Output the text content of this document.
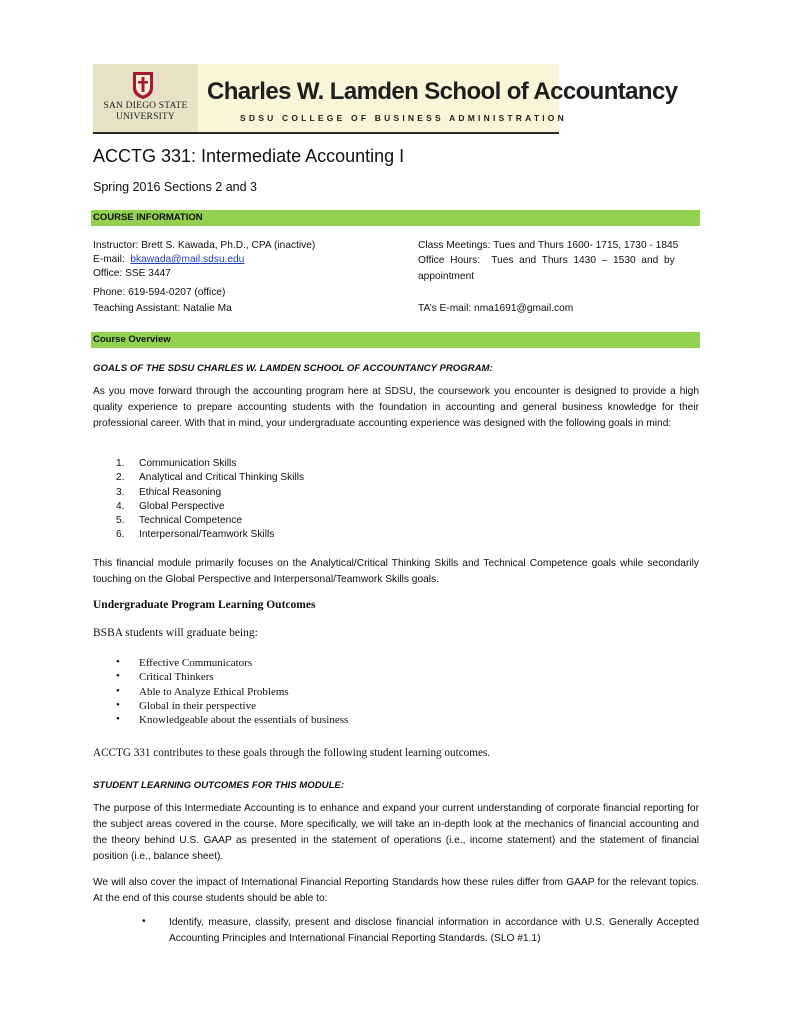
SAN DIEGO STATE UNIVERSITY
Charles W. Lamden School of Accountancy
SDSU COLLEGE OF BUSINESS ADMINISTRATION
ACCTG 331: Intermediate Accounting I
Spring 2016 Sections 2 and 3
COURSE INFORMATION
Instructor: Brett S. Kawada, Ph.D., CPA (inactive)
E-mail: bkawada@mail.sdsu.edu
Office: SSE 3447
Phone: 619-594-0207 (office)
Teaching Assistant: Natalie Ma
Class Meetings: Tues and Thurs 1600- 1715, 1730 - 1845
Office  Hours:    Tues  and  Thurs  1430  –  1530  and  by
appointment
TA’s E-mail: nma1691@gmail.com
Course Overview
GOALS OF THE SDSU CHARLES W. LAMDEN SCHOOL OF ACCOUNTANCY PROGRAM:
As you move forward through the accounting program here at SDSU, the coursework you encounter is designed to provide a high quality experience to prepare accounting students with the foundation in accounting and general business knowledge for their professional career. With that in mind, your undergraduate accounting experience was designed with the following goals in mind:
1. Communication Skills
2. Analytical and Critical Thinking Skills
3. Ethical Reasoning
4. Global Perspective
5. Technical Competence
6. Interpersonal/Teamwork Skills
This financial module primarily focuses on the Analytical/Critical Thinking Skills and Technical Competence goals while secondarily touching on the Global Perspective and Interpersonal/Teamwork Skills goals.
Undergraduate Program Learning Outcomes
BSBA students will graduate being:
• Effective Communicators
• Critical Thinkers
• Able to Analyze Ethical Problems
• Global in their perspective
• Knowledgeable about the essentials of business
ACCTG 331 contributes to these goals through the following student learning outcomes.
STUDENT LEARNING OUTCOMES FOR THIS MODULE:
The purpose of this Intermediate Accounting is to enhance and expand your current understanding of corporate financial reporting for the subject areas covered in the course. More specifically, we will take an in-depth look at the mechanics of financial accounting and the theory behind U.S. GAAP as presented in the statement of operations (i.e., income statement) and the statement of financial position (i.e., balance sheet).
We will also cover the impact of International Financial Reporting Standards how these rules differ from GAAP for the relevant topics. At the end of this course students should be able to:
• Identify, measure, classify, present and disclose financial information in accordance with U.S. Generally Accepted Accounting Principles and International Financial Reporting Standards. (SLO #1.1)
